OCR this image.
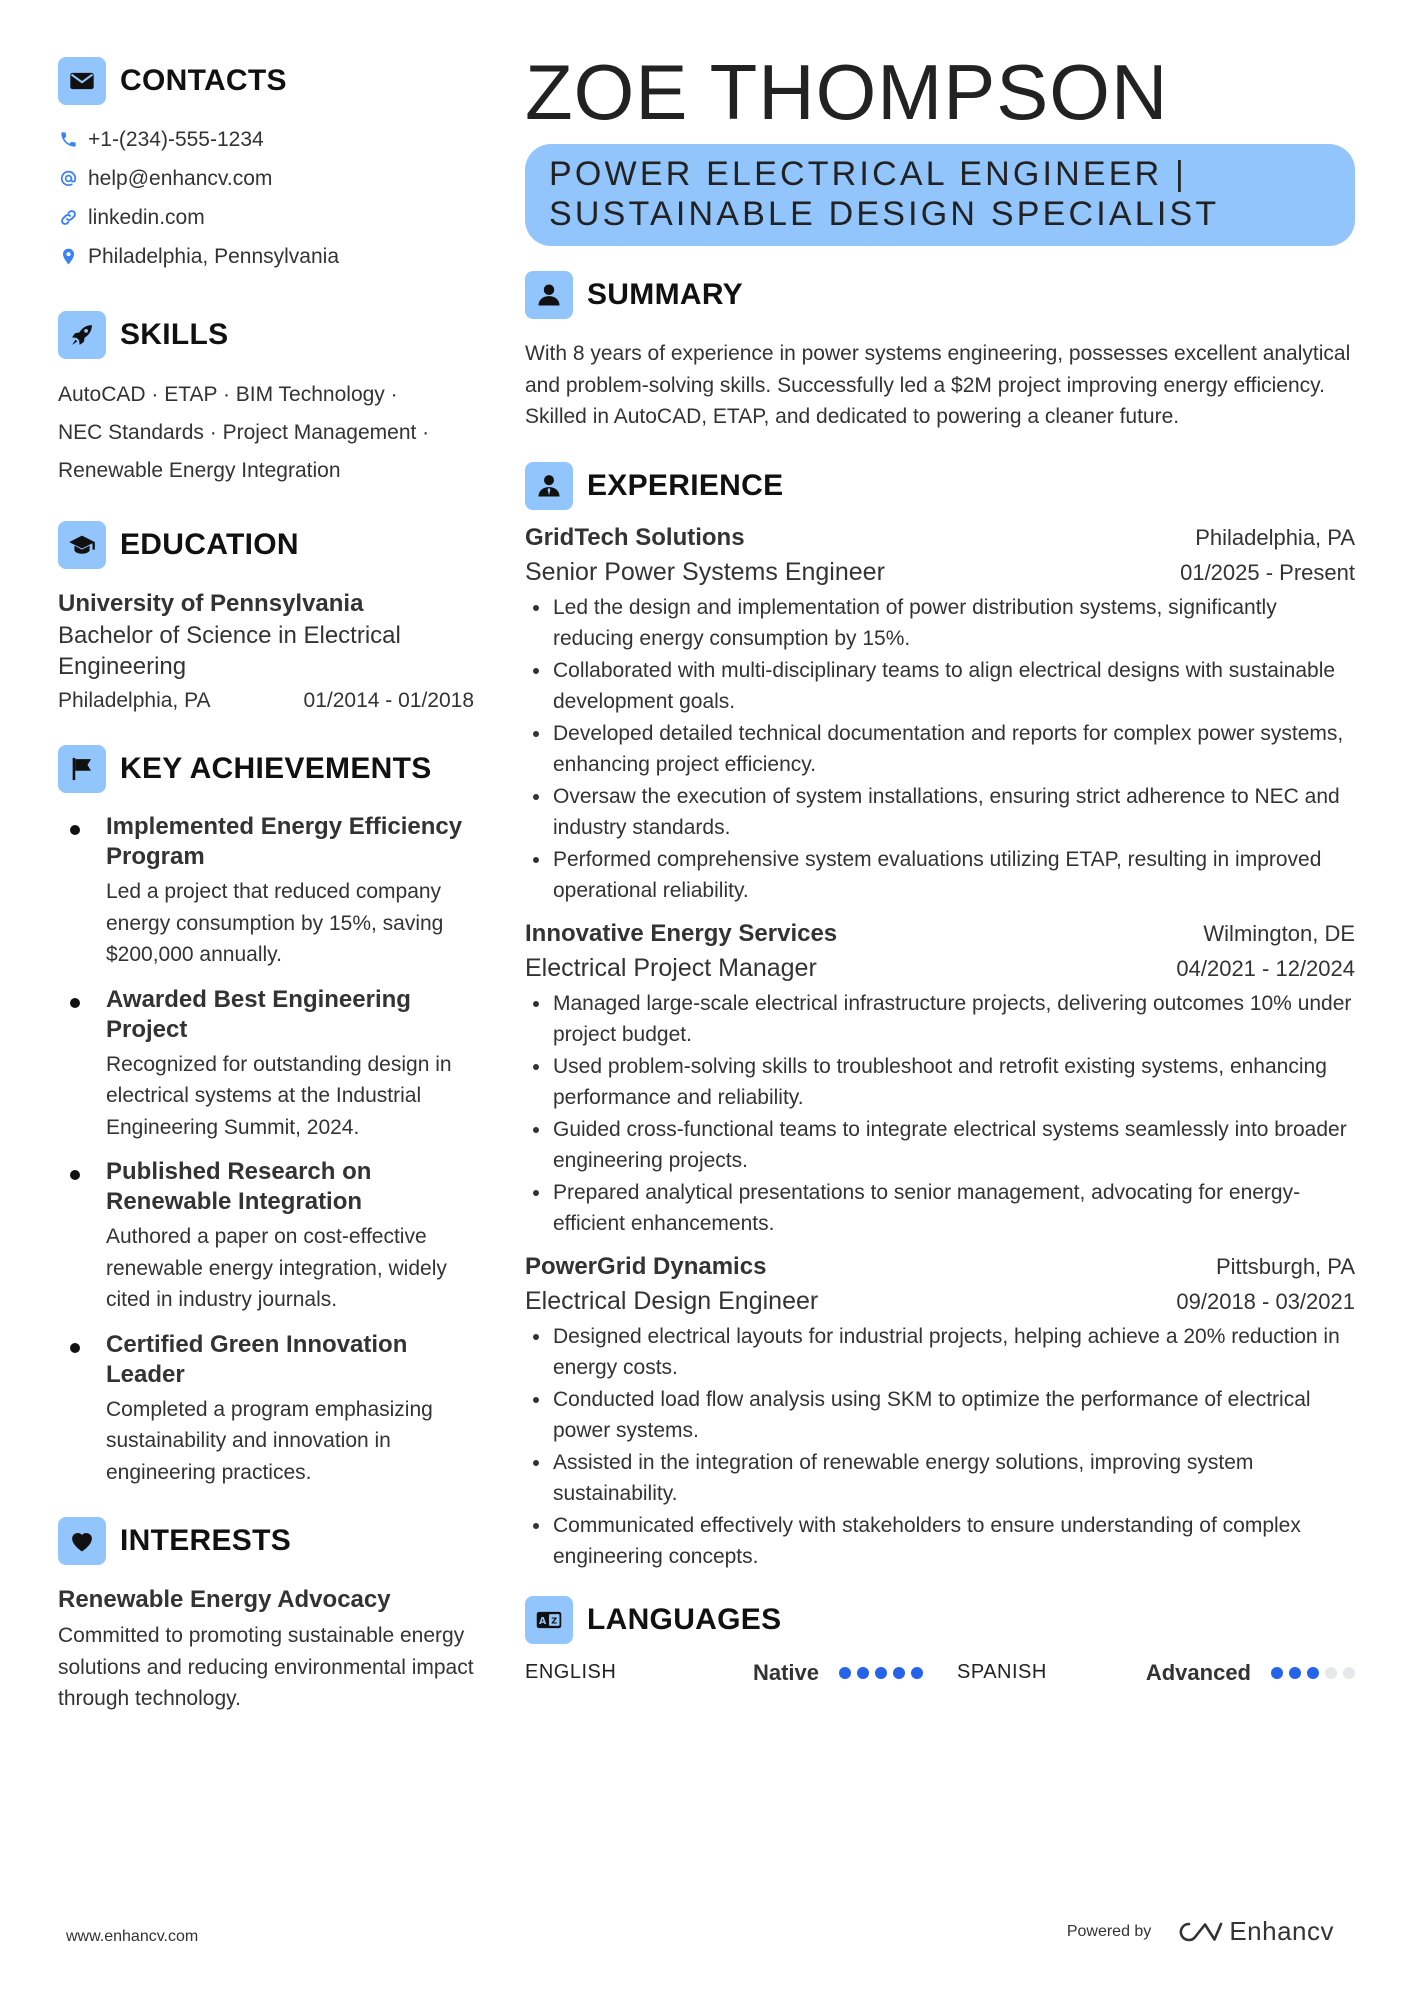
CONTACTS
+1-(234)-555-1234
help@enhancv.com
linkedin.com
Philadelphia, Pennsylvania
SKILLS
AutoCAD · ETAP · BIM Technology ·
NEC Standards · Project Management ·
Renewable Energy Integration
EDUCATION
University of Pennsylvania
Bachelor of Science in Electrical Engineering
Philadelphia, PA	01/2014 - 01/2018
KEY ACHIEVEMENTS
Implemented Energy Efficiency Program
Led a project that reduced company energy consumption by 15%, saving $200,000 annually.
Awarded Best Engineering Project
Recognized for outstanding design in electrical systems at the Industrial Engineering Summit, 2024.
Published Research on Renewable Integration
Authored a paper on cost-effective renewable energy integration, widely cited in industry journals.
Certified Green Innovation Leader
Completed a program emphasizing sustainability and innovation in engineering practices.
INTERESTS
Renewable Energy Advocacy
Committed to promoting sustainable energy solutions and reducing environmental impact through technology.
ZOE THOMPSON
POWER ELECTRICAL ENGINEER |
SUSTAINABLE DESIGN SPECIALIST
SUMMARY
With 8 years of experience in power systems engineering, possesses excellent analytical and problem-solving skills. Successfully led a $2M project improving energy efficiency. Skilled in AutoCAD, ETAP, and dedicated to powering a cleaner future.
EXPERIENCE
GridTech Solutions	Philadelphia, PA
Senior Power Systems Engineer	01/2025 - Present
Led the design and implementation of power distribution systems, significantly reducing energy consumption by 15%.
Collaborated with multi-disciplinary teams to align electrical designs with sustainable development goals.
Developed detailed technical documentation and reports for complex power systems, enhancing project efficiency.
Oversaw the execution of system installations, ensuring strict adherence to NEC and industry standards.
Performed comprehensive system evaluations utilizing ETAP, resulting in improved operational reliability.
Innovative Energy Services	Wilmington, DE
Electrical Project Manager	04/2021 - 12/2024
Managed large-scale electrical infrastructure projects, delivering outcomes 10% under project budget.
Used problem-solving skills to troubleshoot and retrofit existing systems, enhancing performance and reliability.
Guided cross-functional teams to integrate electrical systems seamlessly into broader engineering projects.
Prepared analytical presentations to senior management, advocating for energy-efficient enhancements.
PowerGrid Dynamics	Pittsburgh, PA
Electrical Design Engineer	09/2018 - 03/2021
Designed electrical layouts for industrial projects, helping achieve a 20% reduction in energy costs.
Conducted load flow analysis using SKM to optimize the performance of electrical power systems.
Assisted in the integration of renewable energy solutions, improving system sustainability.
Communicated effectively with stakeholders to ensure understanding of complex engineering concepts.
A Z LANGUAGES
ENGLISH	Native	SPANISH	Advanced
www.enhancv.com	Powered by	Enhancv
